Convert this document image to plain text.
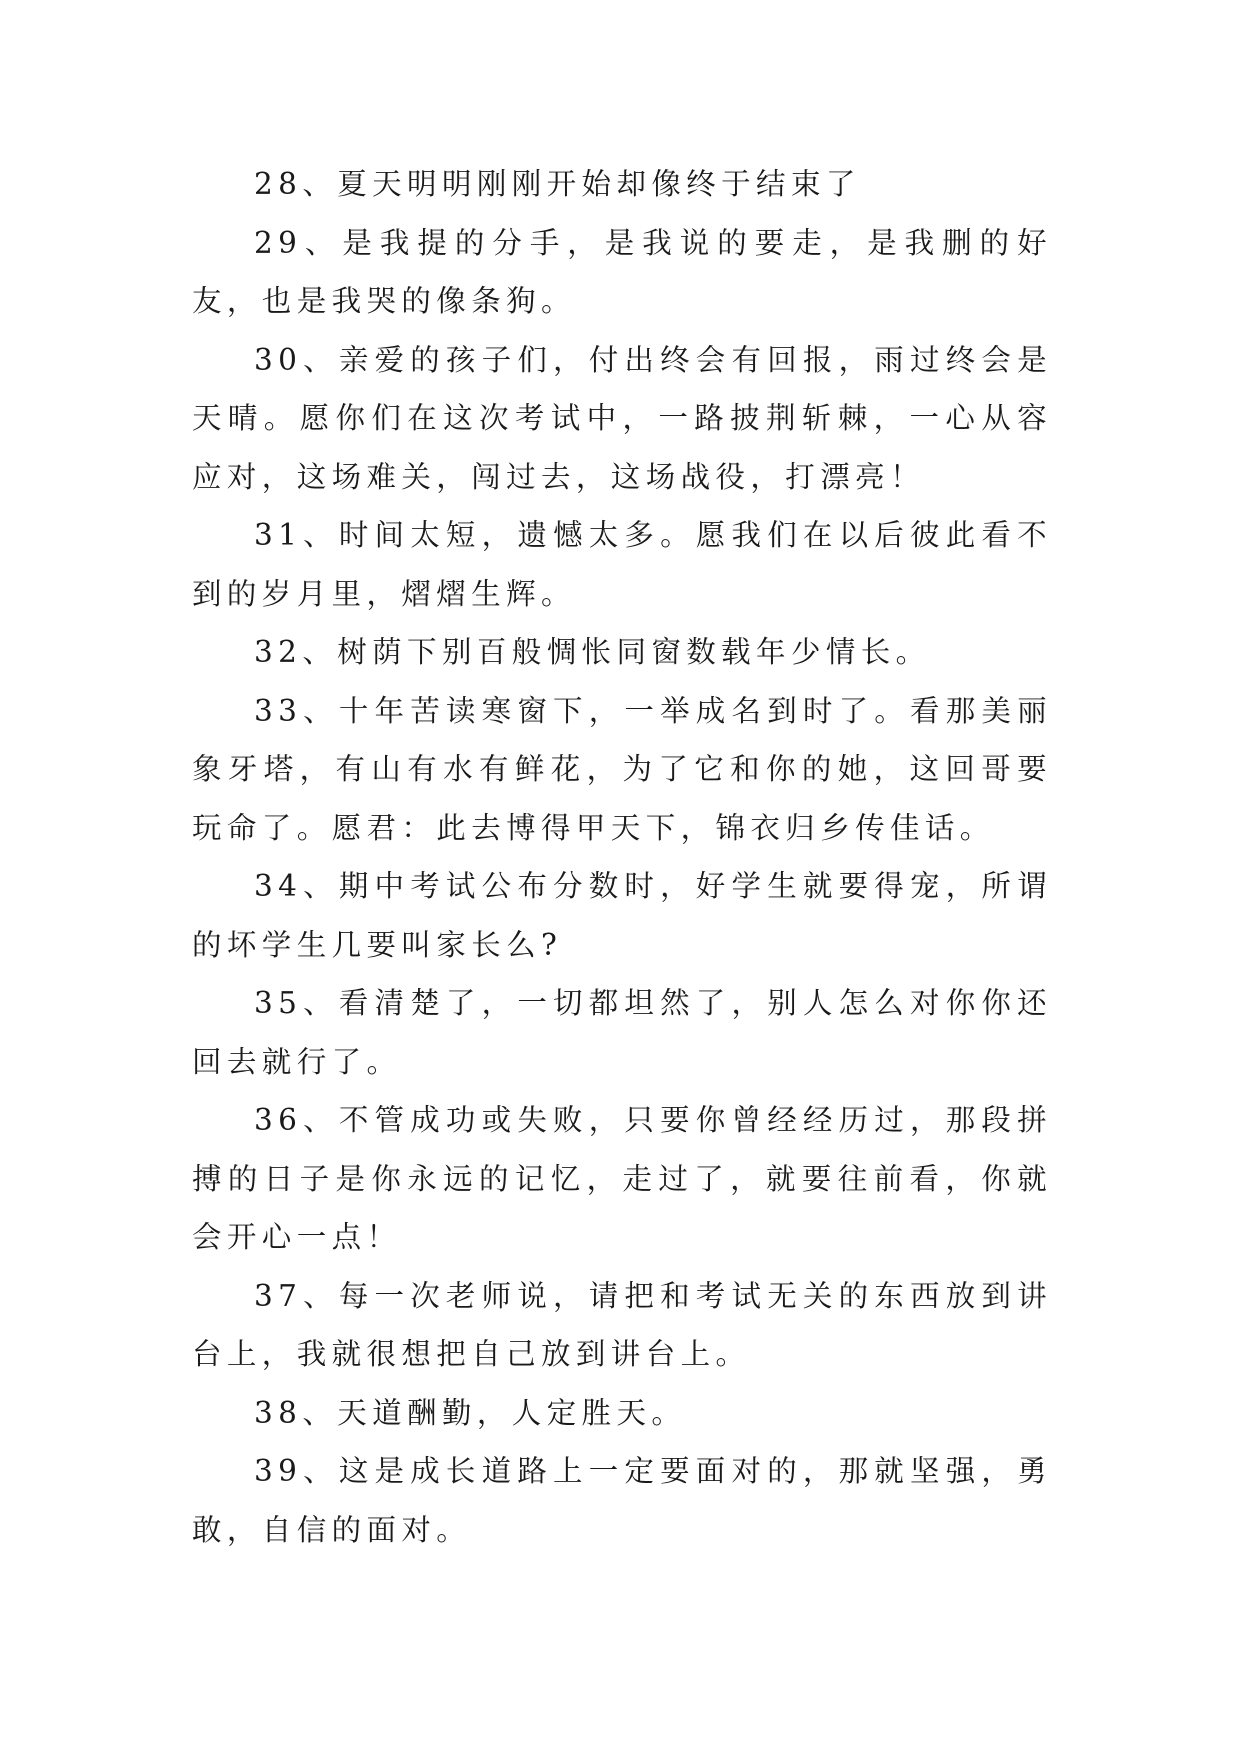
28、夏天明明刚刚开始却像终于结束了

29、是我提的分手，是我说的要走，是我删的好友，也是我哭的像条狗。

30、亲爱的孩子们，付出终会有回报，雨过终会是天晴。愿你们在这次考试中，一路披荆斩棘，一心从容应对，这场难关，闯过去，这场战役，打漂亮！

31、时间太短，遗憾太多。愿我们在以后彼此看不到的岁月里，熠熠生辉。

32、树荫下别百般惆怅同窗数载年少情长。

33、十年苦读寒窗下，一举成名到时了。看那美丽象牙塔，有山有水有鲜花，为了它和你的她，这回哥要玩命了。愿君：此去博得甲天下，锦衣归乡传佳话。

34、期中考试公布分数时，好学生就要得宠，所谓的坏学生几要叫家长么?

35、看清楚了，一切都坦然了，别人怎么对你你还回去就行了。

36、不管成功或失败，只要你曾经经历过，那段拼搏的日子是你永远的记忆，走过了，就要往前看，你就会开心一点！

37、每一次老师说，请把和考试无关的东西放到讲台上，我就很想把自己放到讲台上。

38、天道酬勤，人定胜天。

39、这是成长道路上一定要面对的，那就坚强，勇敢，自信的面对。
